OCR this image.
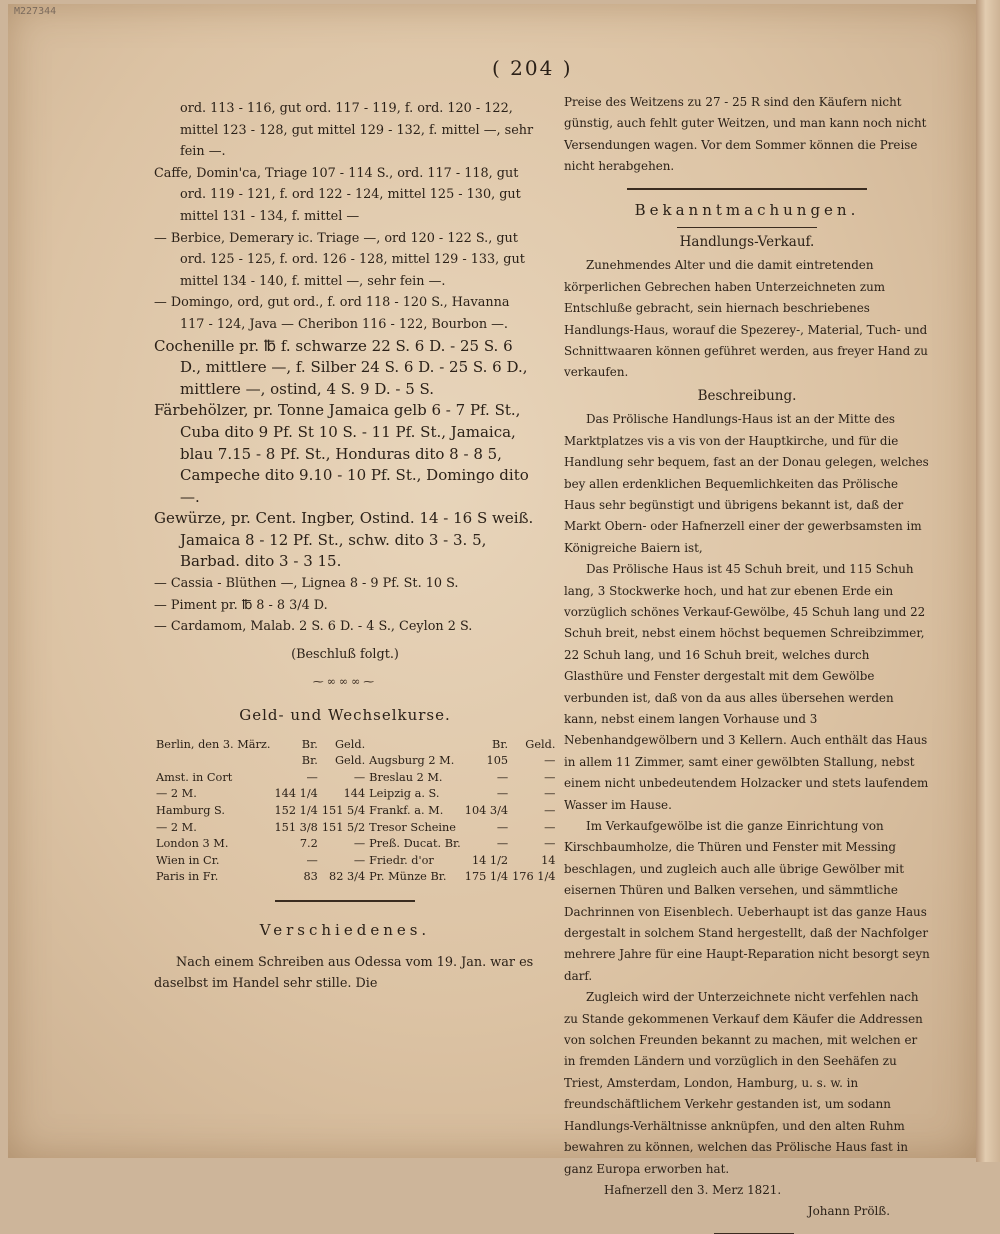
M227344
( 204 )

ord. 113 - 116, gut ord. 117 - 119, f. ord. 120 - 122, mittel 123 - 128, gut mittel 129 - 132, f. mittel —, sehr fein —.

Caffe, Domin'ca, Triage 107 - 114 S., ord. 117 - 118, gut ord. 119 - 121, f. ord 122 - 124, mittel 125 - 130, gut mittel 131 - 134, f. mittel —

— Berbice, Demerary ic. Triage —, ord 120 - 122 S., gut ord. 125 - 125, f. ord. 126 - 128, mittel 129 - 133, gut mittel 134 - 140, f. mittel —, sehr fein —.

— Domingo, ord, gut ord., f. ord 118 - 120 S., Havanna 117 - 124, Java — Cheribon 116 - 122, Bourbon —.

Cochenille pr. ℔ f. schwarze 22 S. 6 D. - 25 S. 6 D., mittlere —, f. Silber 24 S. 6 D. - 25 S. 6 D., mittlere —, ostind, 4 S. 9 D. - 5 S.

Färbehölzer, pr. Tonne Jamaica gelb 6 - 7 Pf. St., Cuba dito 9 Pf. St 10 S. - 11 Pf. St., Jamaica, blau 7.15 - 8 Pf. St., Honduras dito 8 - 8 5, Campeche dito 9.10 - 10 Pf. St., Domingo dito —.

Gewürze, pr. Cent. Ingber, Ostind. 14 - 16 S weiß. Jamaica 8 - 12 Pf. St., schw. dito 3 - 3. 5, Barbad. dito 3 - 3 15.

— Cassia - Blüthen —, Lignea 8 - 9 Pf. St. 10 S.

— Piment pr. ℔ 8 - 8 3/4 D.

— Cardamom, Malab. 2 S. 6 D. - 4 S., Ceylon 2 S.

(Beschluß folgt.)

⁓∞∞∞⁓
Geld- und Wechselkurse.
Berlin, den 3. März.	Br.	Geld.		Br.	Geld.
	Br.	Geld.	Augsburg 2 M.	105	—
Amst. in Cort	—	—	Breslau 2 M.	—	—
— 2 M.	144 1/4	144	Leipzig a. S.	—	—
Hamburg S.	152 1/4	151 5/4	Frankf. a. M.	104 3/4	—
— 2 M.	151 3/8	151 5/2	Tresor Scheine	—	—
London 3 M.	7.2	—	Preß. Ducat. Br.	—	—
Wien in Cr.	—	—	Friedr. d'or	14 1/2	14
Paris in Fr.	83	82 3/4	Pr. Münze Br.	175 1/4	176 1/4
Verschiedenes.

Nach einem Schreiben aus Odessa vom 19. Jan. war es daselbst im Handel sehr stille. Die

Preise des Weitzens zu 27 - 25 R sind den Käufern nicht günstig, auch fehlt guter Weitzen, und man kann noch nicht Versendungen wagen. Vor dem Sommer können die Preise nicht herabgehen.

Bekanntmachungen.
Handlungs-Verkauf.

Zunehmendes Alter und die damit eintretenden körperlichen Gebrechen haben Unterzeichneten zum Entschluße gebracht, sein hiernach beschriebenes Handlungs-Haus, worauf die Spezerey-, Material, Tuch- und Schnittwaaren können geführet werden, aus freyer Hand zu verkaufen.

Beschreibung.

Das Prölische Handlungs-Haus ist an der Mitte des Marktplatzes vis a vis von der Hauptkirche, und für die Handlung sehr bequem, fast an der Donau gelegen, welches bey allen erdenklichen Bequemlichkeiten das Prölische Haus sehr begünstigt und übrigens bekannt ist, daß der Markt Obern- oder Hafnerzell einer der gewerbsamsten im Königreiche Baiern ist,

Das Prölische Haus ist 45 Schuh breit, und 115 Schuh lang, 3 Stockwerke hoch, und hat zur ebenen Erde ein vorzüglich schönes Verkauf-Gewölbe, 45 Schuh lang und 22 Schuh breit, nebst einem höchst bequemen Schreibzimmer, 22 Schuh lang, und 16 Schuh breit, welches durch Glasthüre und Fenster dergestalt mit dem Gewölbe verbunden ist, daß von da aus alles übersehen werden kann, nebst einem langen Vorhause und 3 Nebenhandgewölbern und 3 Kellern. Auch enthält das Haus in allem 11 Zimmer, samt einer gewölbten Stallung, nebst einem nicht unbedeutendem Holzacker und stets laufendem Wasser im Hause.

Im Verkaufgewölbe ist die ganze Einrichtung von Kirschbaumholze, die Thüren und Fenster mit Messing beschlagen, und zugleich auch alle übrige Gewölber mit eisernen Thüren und Balken versehen, und sämmtliche Dachrinnen von Eisenblech. Ueberhaupt ist das ganze Haus dergestalt in solchem Stand hergestellt, daß der Nachfolger mehrere Jahre für eine Haupt-Reparation nicht besorgt seyn darf.

Zugleich wird der Unterzeichnete nicht verfehlen nach zu Stande gekommenen Verkauf dem Käufer die Addressen von solchen Freunden bekannt zu machen, mit welchen er in fremden Ländern und vorzüglich in den Seehäfen zu Triest, Amsterdam, London, Hamburg, u. s. w. in freundschäftlichem Verkehr gestanden ist, um sodann Handlungs-Verhältnisse anknüpfen, und den alten Ruhm bewahren zu können, welchen das Prölische Haus fast in ganz Europa erworben hat.

Hafnerzell den 3. Merz 1821.

Johann Prölß.
